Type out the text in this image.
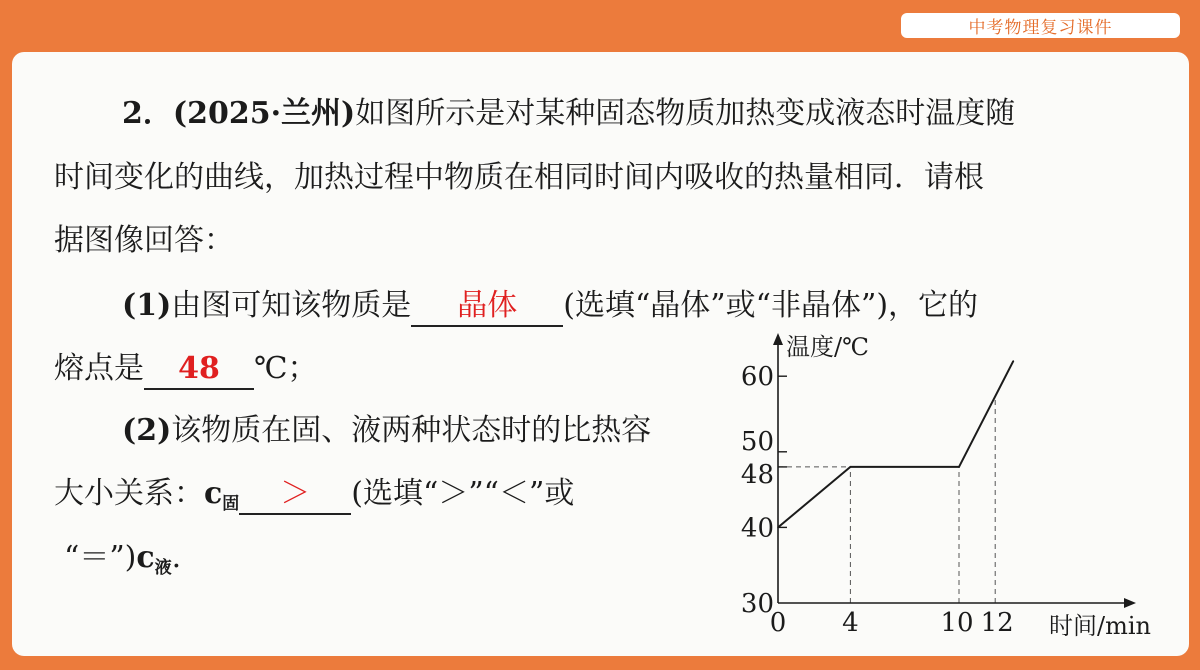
中考物理复习课件
2．(2025·兰州)如图所示是对某种固态物质加热变成液态时温度随
时间变化的曲线，加热过程中物质在相同时间内吸收的热量相同．请根
据图像回答：
(1)由图可知该物质是 晶体 (选填“晶体”或“非晶体”)，它的
熔点是 48 ℃；
(2)该物质在固、液两种状态时的比热容
大小关系：$c_固$ ＞ (选填“＞”“＜”或
“$=”)c_液$.
温度/℃
时间/min
30
40
48
50
60
0 4	10 12
